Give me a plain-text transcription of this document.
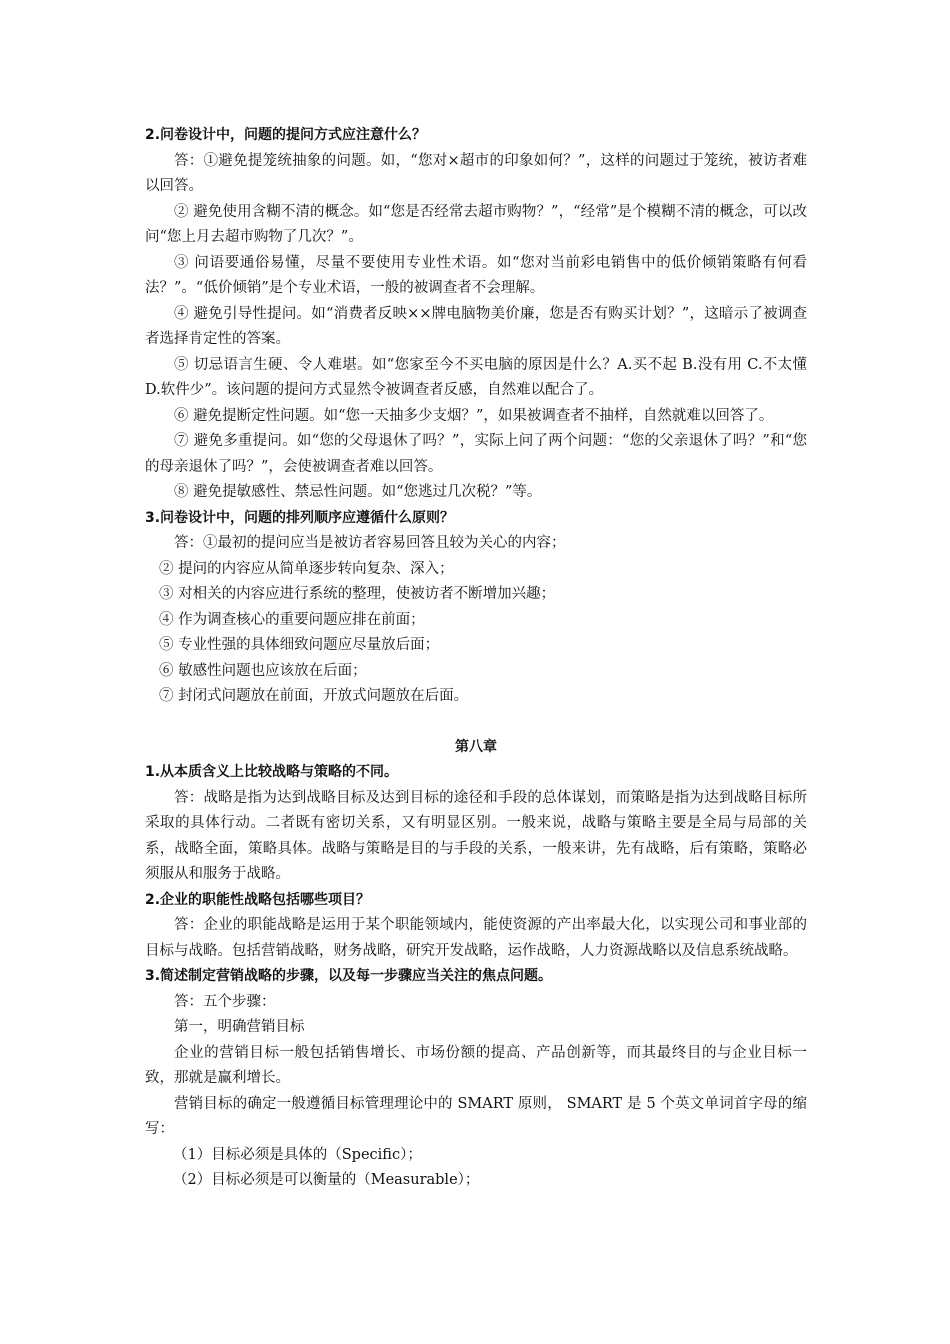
2.问卷设计中，问题的提问方式应注意什么？

答：①避免提笼统抽象的问题。如，“您对×超市的印象如何？”，这样的问题过于笼统，被访者难以回答。

② 避免使用含糊不清的概念。如“您是否经常去超市购物？”，“经常”是个模糊不清的概念，可以改问“您上月去超市购物了几次？”。

③ 问语要通俗易懂，尽量不要使用专业性术语。如“您对当前彩电销售中的低价倾销策略有何看法？”。“低价倾销”是个专业术语，一般的被调查者不会理解。

④ 避免引导性提问。如“消费者反映××牌电脑物美价廉，您是否有购买计划？”，这暗示了被调查者选择肯定性的答案。

⑤ 切忌语言生硬、令人难堪。如“您家至今不买电脑的原因是什么？A.买不起 B.没有用 C.不太懂 D.软件少”。该问题的提问方式显然令被调查者反感，自然难以配合了。

⑥ 避免提断定性问题。如“您一天抽多少支烟？”，如果被调查者不抽样，自然就难以回答了。

⑦ 避免多重提问。如“您的父母退休了吗？”，实际上问了两个问题：“您的父亲退休了吗？”和“您的母亲退休了吗？”，会使被调查者难以回答。

⑧ 避免提敏感性、禁忌性问题。如“您逃过几次税？”等。

3.问卷设计中，问题的排列顺序应遵循什么原则？

答：①最初的提问应当是被访者容易回答且较为关心的内容；

② 提问的内容应从简单逐步转向复杂、深入；

③ 对相关的内容应进行系统的整理，使被访者不断增加兴趣；

④ 作为调查核心的重要问题应排在前面；

⑤ 专业性强的具体细致问题应尽量放后面；

⑥ 敏感性问题也应该放在后面；

⑦ 封闭式问题放在前面，开放式问题放在后面。

第八章

1.从本质含义上比较战略与策略的不同。

答：战略是指为达到战略目标及达到目标的途径和手段的总体谋划，而策略是指为达到战略目标所采取的具体行动。二者既有密切关系，又有明显区别。一般来说，战略与策略主要是全局与局部的关系，战略全面，策略具体。战略与策略是目的与手段的关系，一般来讲，先有战略，后有策略，策略必须服从和服务于战略。

2.企业的职能性战略包括哪些项目？

答：企业的职能战略是运用于某个职能领域内，能使资源的产出率最大化，以实现公司和事业部的目标与战略。包括营销战略，财务战略，研究开发战略，运作战略，人力资源战略以及信息系统战略。

3.简述制定营销战略的步骤，以及每一步骤应当关注的焦点问题。

答：五个步骤：

第一，明确营销目标

企业的营销目标一般包括销售增长、市场份额的提高、产品创新等，而其最终目的与企业目标一致，那就是赢利增长。

营销目标的确定一般遵循目标管理理论中的 SMART 原则， SMART 是 5 个英文单词首字母的缩写：

（1）目标必须是具体的（Specific）；

（2）目标必须是可以衡量的（Measurable）；
